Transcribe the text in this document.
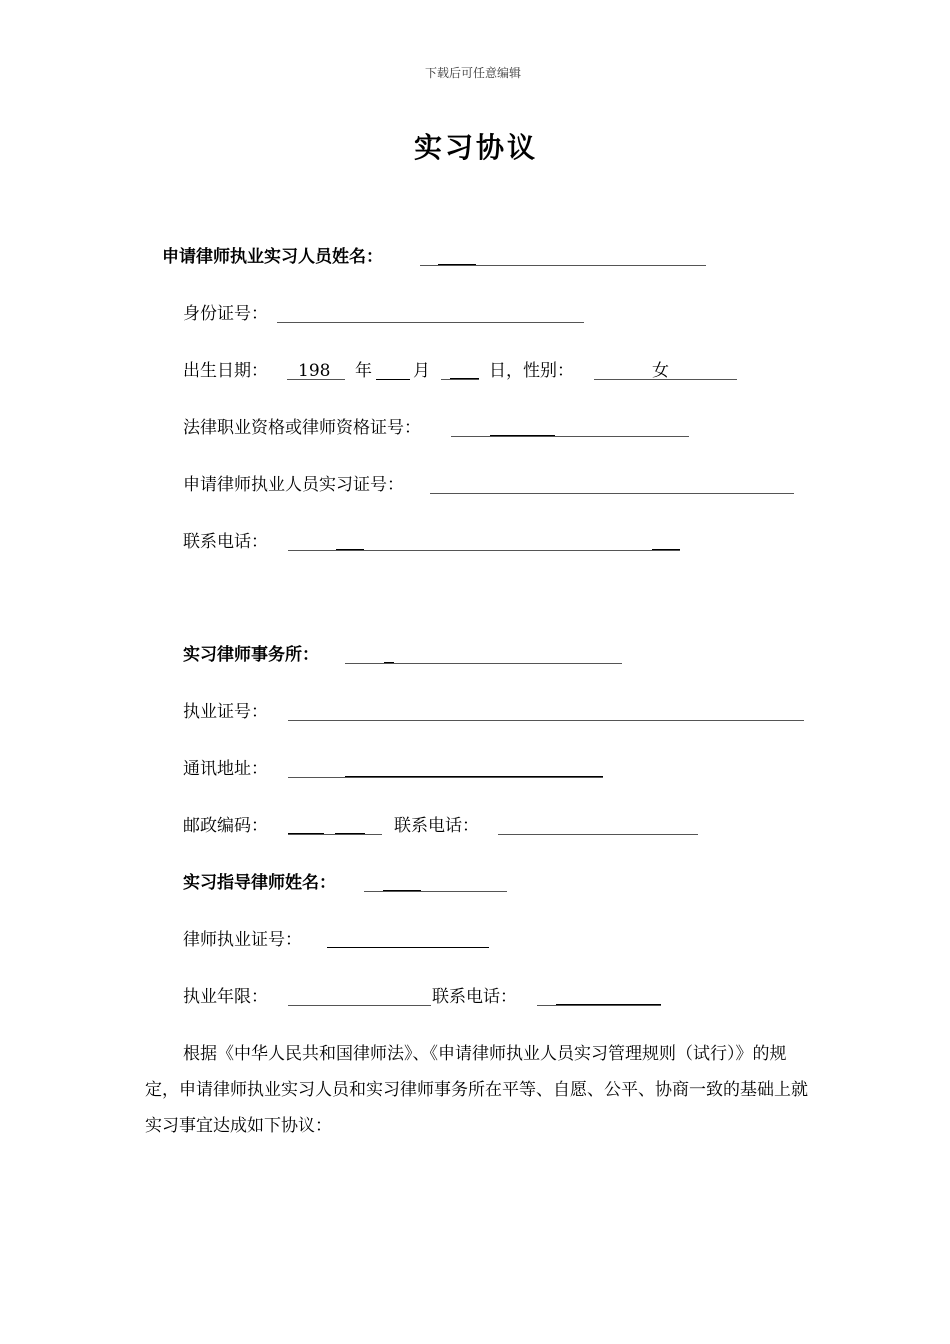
下载后可任意编辑
实习协议
申请律师执业实习人员姓名：
身份证号：
出生日期： 198 年 月	日，性别：	女
法律职业资格或律师资格证号：
申请律师执业人员实习证号：
联系电话：
实习律师事务所：
执业证号：
通讯地址：
邮政编码：	联系电话：
实习指导律师姓名：
律师执业证号：
执业年限：	联系电话：
根据《中华人民共和国律师法》、《申请律师执业人员实习管理规则（试行）》的规定，申请律师执业实习人员和实习律师事务所在平等、自愿、公平、协商一致的基础上就实习事宜达成如下协议：
